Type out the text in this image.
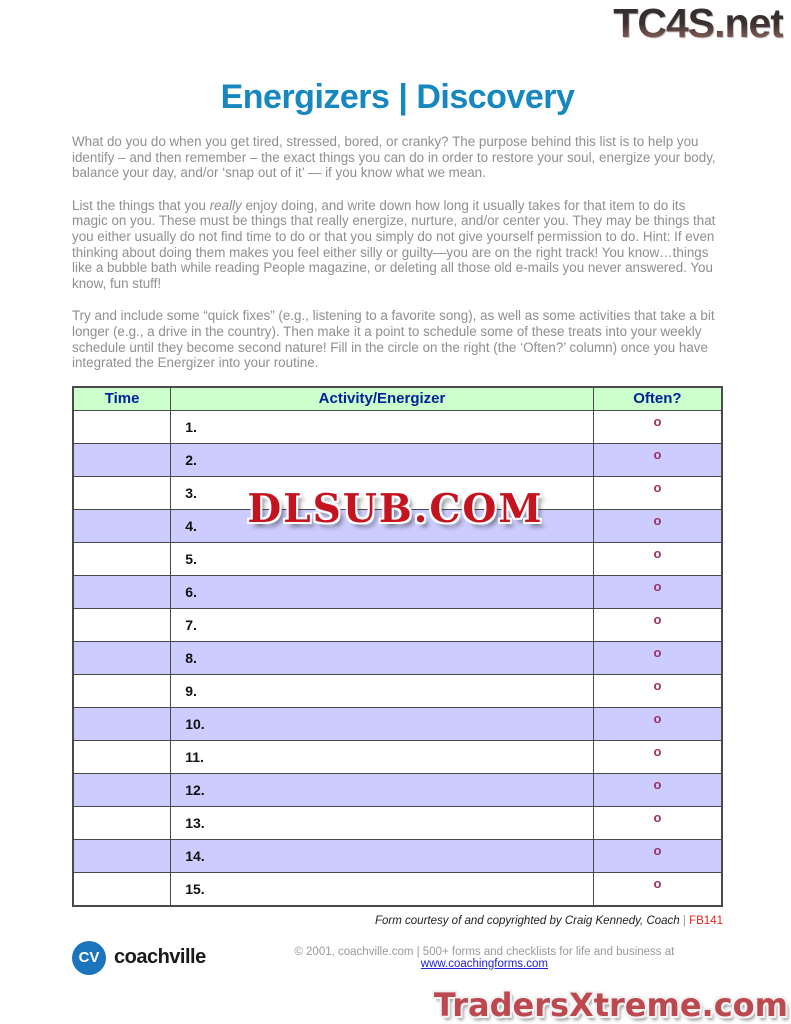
TC4S.net
Energizers | Discovery

What do you do when you get tired, stressed, bored, or cranky? The purpose behind this list is to help you identify – and then remember – the exact things you can do in order to restore your soul, energize your body, balance your day, and/or ‘snap out of it’ — if you know what we mean.

List the things that you really enjoy doing, and write down how long it usually takes for that item to do its magic on you. These must be things that really energize, nurture, and/or center you. They may be things that you either usually do not find time to do or that you simply do not give yourself permission to do. Hint: If even thinking about doing them makes you feel either silly or guilty—you are on the right track! You know…things like a bubble bath while reading People magazine, or deleting all those old e-mails you never answered. You know, fun stuff!

Try and include some “quick fixes” (e.g., listening to a favorite song), as well as some activities that take a bit longer (e.g., a drive in the country). Then make it a point to schedule some of these treats into your weekly schedule until they become second nature! Fill in the circle on the right (the ‘Often?’ column) once you have integrated the Energizer into your routine.

Time	Activity/Energizer	Often?
	1.	o
	2.	o
	3.	o
	4.	o
	5.	o
	6.	o
	7.	o
	8.	o
	9.	o
	10.	o
	11.	o
	12.	o
	13.	o
	14.	o
	15.	o
DLSUB.COM
Form courtesy of and copyrighted by Craig Kennedy, Coach | FB141
CV coachville	© 2001, coachville.com | 500+ forms and checklists for life and business at www.coachingforms.com
TradersXtreme.com
